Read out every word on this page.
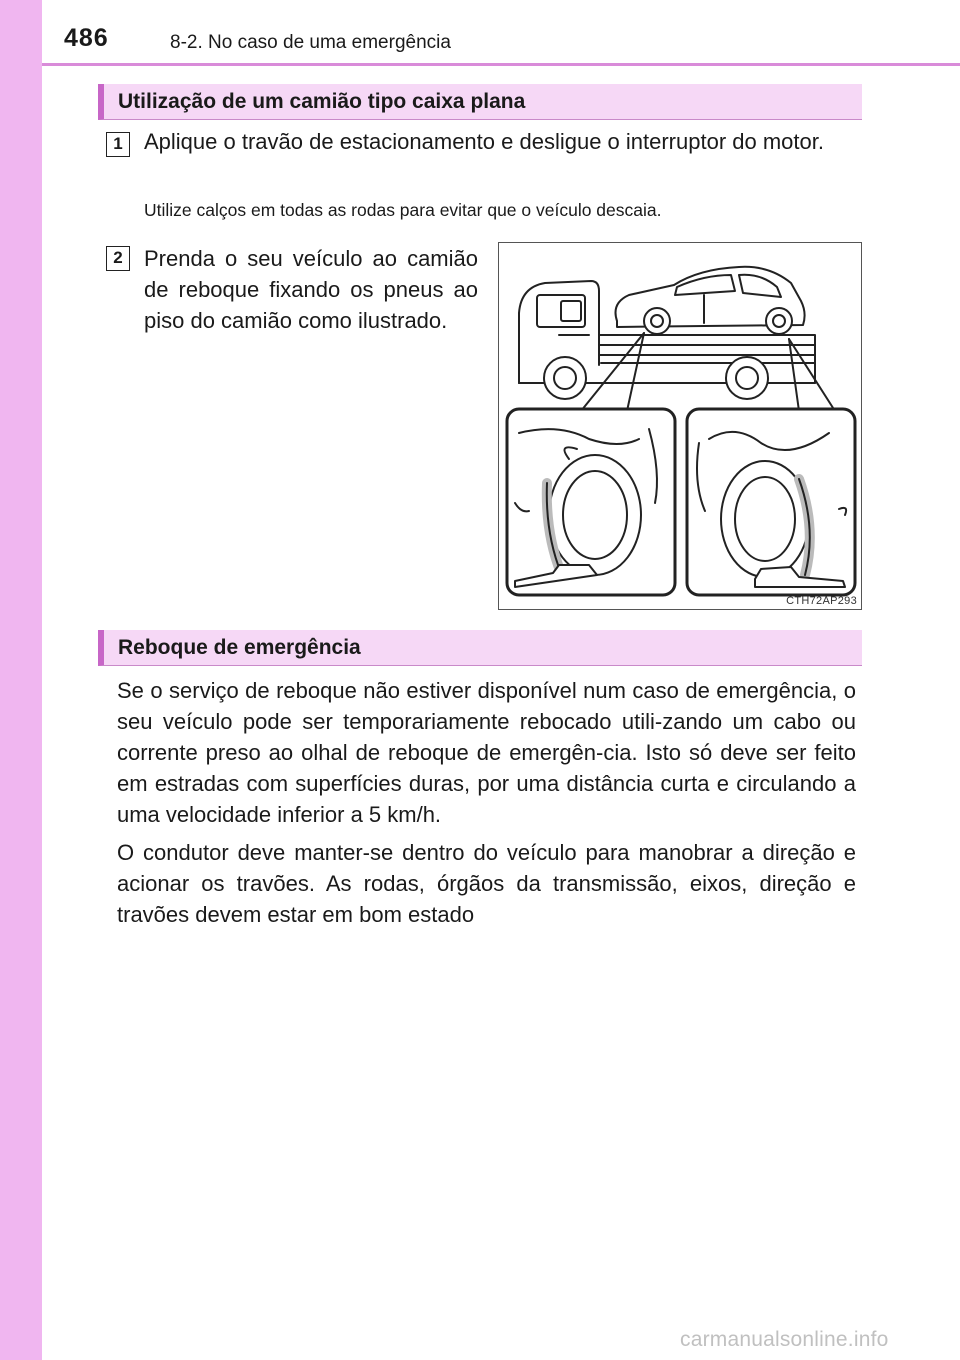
486	8-2. No caso de uma emergência
Utilização de um camião tipo caixa plana
1 Aplique o travão de estacionamento e desligue o interruptor do motor.
Utilize calços em todas as rodas para evitar que o veículo descaia.
2 Prenda o seu veículo ao camião de reboque fixando os pneus ao piso do camião como ilustrado.
CTH72AP293
Reboque de emergência
Se o serviço de reboque não estiver disponível num caso de emergência, o seu veículo pode ser temporariamente rebocado utili-zando um cabo ou corrente preso ao olhal de reboque de emergên-cia. Isto só deve ser feito em estradas com superfícies duras, por uma distância curta e circulando a uma velocidade inferior a 5 km/h.
O condutor deve manter-se dentro do veículo para manobrar a direção e acionar os travões. As rodas, órgãos da transmissão, eixos, direção e travões devem estar em bom estado
carmanualsonline.info
